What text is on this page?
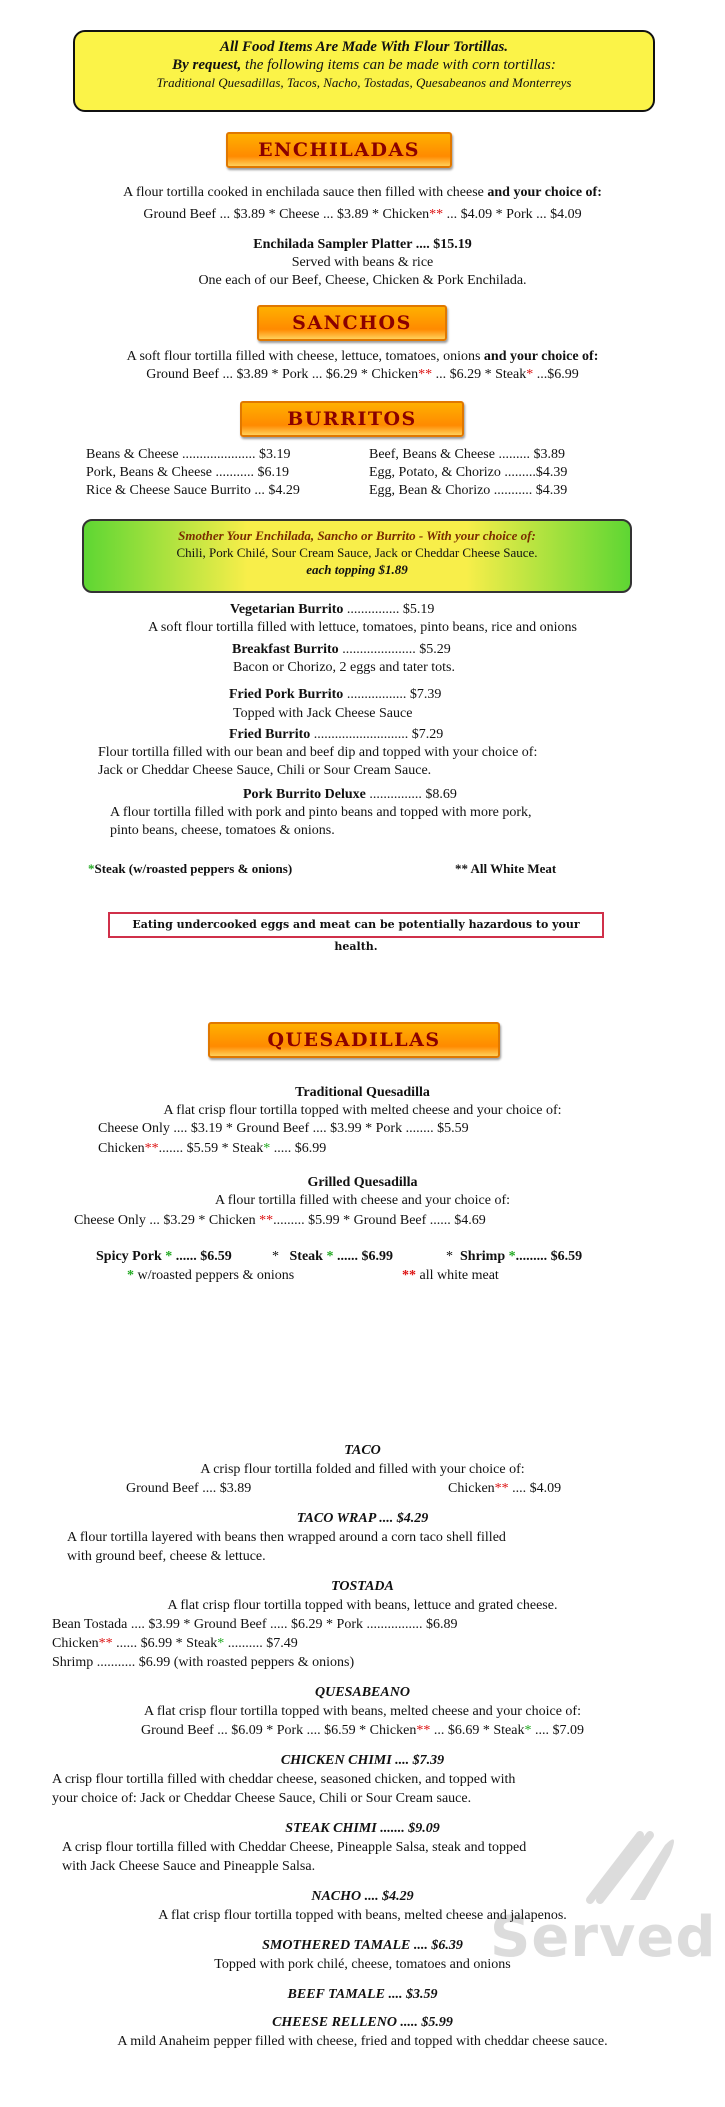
All Food Items Are Made With Flour Tortillas.
By request, the following items can be made with corn tortillas:
Traditional Quesadillas, Tacos, Nacho, Tostadas, Quesabeanos and Monterreys
ENCHILADAS
A flour tortilla cooked in enchilada sauce then filled with cheese and your choice of:
Ground Beef ... $3.89 * Cheese ... $3.89 * Chicken** ... $4.09 * Pork ... $4.09
Enchilada Sampler Platter .... $15.19
Served with beans & rice
One each of our Beef, Cheese, Chicken & Pork Enchilada.
SANCHOS
A soft flour tortilla filled with cheese, lettuce, tomatoes, onions and your choice of:
Ground Beef ... $3.89 * Pork ... $6.29 * Chicken** ... $6.29 * Steak* ...$6.99
BURRITOS
Beans & Cheese ..................... $3.19
Pork, Beans & Cheese ........... $6.19
Rice & Cheese Sauce Burrito ... $4.29
Beef, Beans & Cheese ......... $3.89
Egg, Potato, & Chorizo .........$4.39
Egg, Bean & Chorizo ........... $4.39
Smother Your Enchilada, Sancho or Burrito - With your choice of:
Chili, Pork Chilé, Sour Cream Sauce, Jack or Cheddar Cheese Sauce.
each topping $1.89
Vegetarian Burrito ............... $5.19
A soft flour tortilla filled with lettuce, tomatoes, pinto beans, rice and onions
Breakfast Burrito ..................... $5.29
Bacon or Chorizo, 2 eggs and tater tots.
Fried Pork Burrito ................. $7.39
Topped with Jack Cheese Sauce
Fried Burrito ........................... $7.29
Flour tortilla filled with our bean and beef dip and topped with your choice of:
Jack or Cheddar Cheese Sauce, Chili or Sour Cream Sauce.
Pork Burrito Deluxe ............... $8.69
A flour tortilla filled with pork and pinto beans and topped with more pork,
pinto beans, cheese, tomatoes & onions.
*Steak (w/roasted peppers & onions)	** All White Meat
Eating undercooked eggs and meat can be potentially hazardous to your health.
QUESADILLAS
Traditional Quesadilla
A flat crisp flour tortilla topped with melted cheese and your choice of:
Cheese Only .... $3.19 * Ground Beef .... $3.99 * Pork ........ $5.59
Chicken**....... $5.59 * Steak* ..... $6.99
Grilled Quesadilla
A flour tortilla filled with cheese and your choice of:
Cheese Only ... $3.29 * Chicken **......... $5.99 * Ground Beef ...... $4.69
Spicy Pork * ...... $6.59	*   Steak * ...... $6.99	*  Shrimp *......... $6.59
* w/roasted peppers & onions	** all white meat
TACO
A crisp flour tortilla folded and filled with your choice of:
Ground Beef .... $3.89	Chicken** .... $4.09
TACO WRAP .... $4.29
A flour tortilla layered with beans then wrapped around a corn taco shell filled
with ground beef, cheese & lettuce.
TOSTADA
A flat crisp flour tortilla topped with beans, lettuce and grated cheese.
Bean Tostada .... $3.99 * Ground Beef ..... $6.29 * Pork ................ $6.89
Chicken** ...... $6.99 * Steak* .......... $7.49
Shrimp ........... $6.99 (with roasted peppers & onions)
QUESABEANO
A flat crisp flour tortilla topped with beans, melted cheese and your choice of:
Ground Beef ... $6.09 * Pork .... $6.59 * Chicken** ... $6.69 * Steak* .... $7.09
CHICKEN CHIMI .... $7.39
A crisp flour tortilla filled with cheddar cheese, seasoned chicken, and topped with
your choice of: Jack or Cheddar Cheese Sauce, Chili or Sour Cream sauce.
STEAK CHIMI ....... $9.09
A crisp flour tortilla filled with Cheddar Cheese, Pineapple Salsa, steak and topped
with Jack Cheese Sauce and Pineapple Salsa.
NACHO .... $4.29
A flat crisp flour tortilla topped with beans, melted cheese and jalapenos.
SMOTHERED TAMALE .... $6.39
Topped with pork chilé, cheese, tomatoes and onions
BEEF TAMALE .... $3.59
CHEESE RELLENO ..... $5.99
A mild Anaheim pepper filled with cheese, fried and topped with cheddar cheese sauce.
Served
